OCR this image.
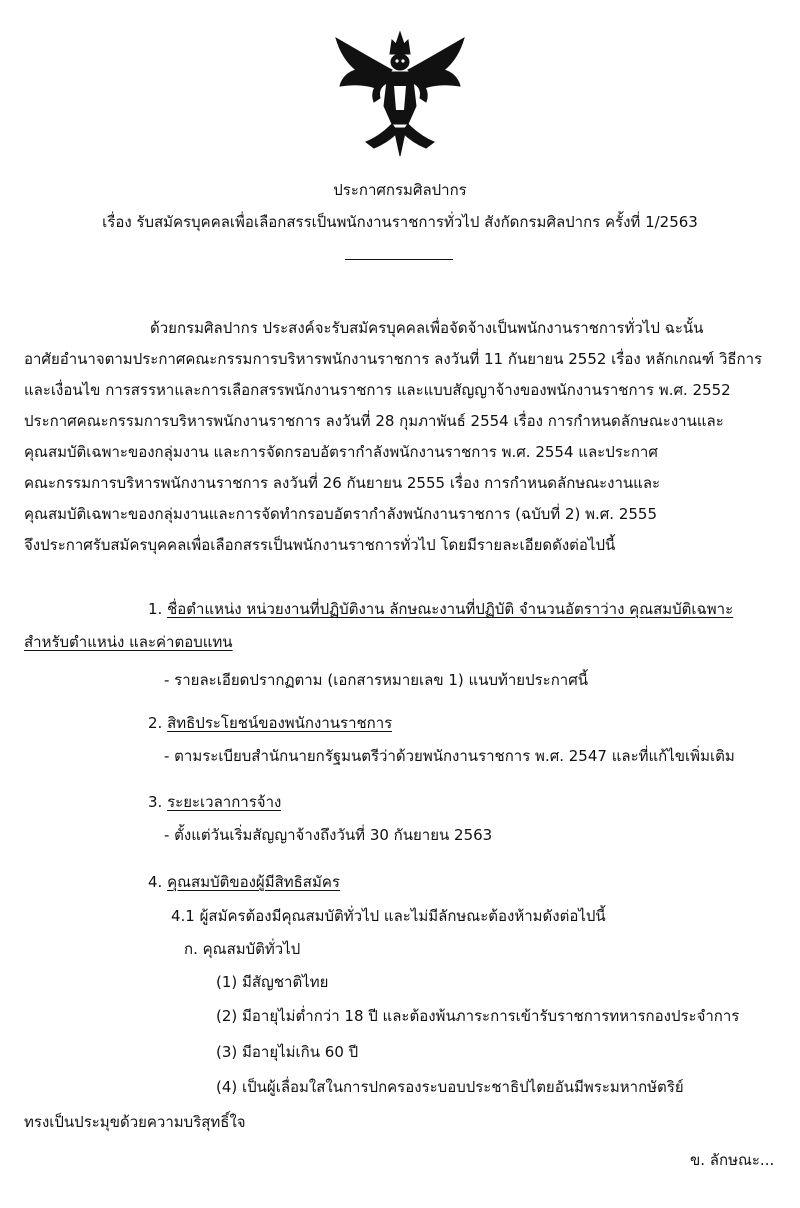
ประกาศกรมศิลปากร
เรื่อง รับสมัครบุคคลเพื่อเลือกสรรเป็นพนักงานราชการทั่วไป สังกัดกรมศิลปากร ครั้งที่ 1/2563
ด้วยกรมศิลปากร ประสงค์จะรับสมัครบุคคลเพื่อจัดจ้างเป็นพนักงานราชการทั่วไป ฉะนั้น
อาศัยอำนาจตามประกาศคณะกรรมการบริหารพนักงานราชการ ลงวันที่ 11 กันยายน 2552 เรื่อง หลักเกณฑ์ วิธีการ
และเงื่อนไข การสรรหาและการเลือกสรรพนักงานราชการ และแบบสัญญาจ้างของพนักงานราชการ พ.ศ. 2552
ประกาศคณะกรรมการบริหารพนักงานราชการ ลงวันที่ 28 กุมภาพันธ์ 2554 เรื่อง การกำหนดลักษณะงานและ
คุณสมบัติเฉพาะของกลุ่มงาน และการจัดกรอบอัตรากำลังพนักงานราชการ พ.ศ. 2554 และประกาศ
คณะกรรมการบริหารพนักงานราชการ ลงวันที่ 26 กันยายน 2555 เรื่อง การกำหนดลักษณะงานและ
คุณสมบัติเฉพาะของกลุ่มงานและการจัดทำกรอบอัตรากำลังพนักงานราชการ (ฉบับที่ 2) พ.ศ. 2555
จึงประกาศรับสมัครบุคคลเพื่อเลือกสรรเป็นพนักงานราชการทั่วไป โดยมีรายละเอียดดังต่อไปนี้
1. ชื่อตำแหน่ง หน่วยงานที่ปฏิบัติงาน ลักษณะงานที่ปฏิบัติ จำนวนอัตราว่าง คุณสมบัติเฉพาะ
สำหรับตำแหน่ง และค่าตอบแทน
- รายละเอียดปรากฏตาม (เอกสารหมายเลข 1) แนบท้ายประกาศนี้
2. สิทธิประโยชน์ของพนักงานราชการ
- ตามระเบียบสำนักนายกรัฐมนตรีว่าด้วยพนักงานราชการ พ.ศ. 2547 และที่แก้ไขเพิ่มเติม
3. ระยะเวลาการจ้าง
- ตั้งแต่วันเริ่มสัญญาจ้างถึงวันที่ 30 กันยายน 2563
4. คุณสมบัติของผู้มีสิทธิสมัคร
4.1 ผู้สมัครต้องมีคุณสมบัติทั่วไป และไม่มีลักษณะต้องห้ามดังต่อไปนี้
ก. คุณสมบัติทั่วไป
(1) มีสัญชาติไทย
(2) มีอายุไม่ต่ำกว่า 18 ปี และต้องพ้นภาระการเข้ารับราชการทหารกองประจำการ
(3) มีอายุไม่เกิน 60 ปี
(4) เป็นผู้เลื่อมใสในการปกครองระบอบประชาธิปไตยอันมีพระมหากษัตริย์
ทรงเป็นประมุขด้วยความบริสุทธิ์ใจ
ข. ลักษณะ...
